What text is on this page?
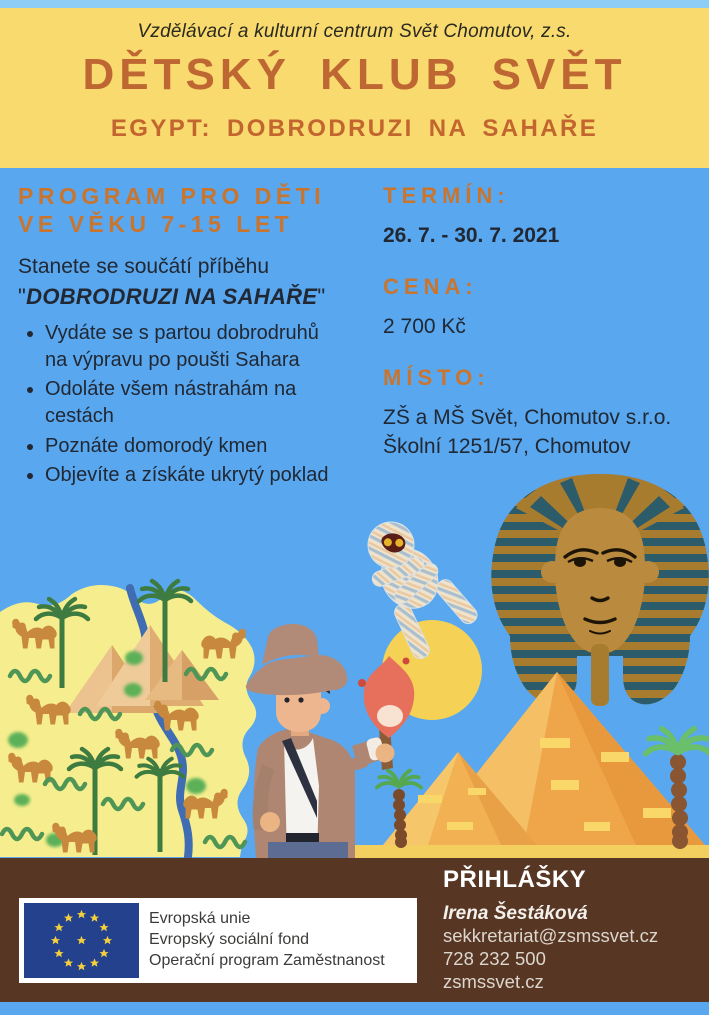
Vzdělávací a kulturní centrum Svět Chomutov, z.s.
DĚTSKÝ KLUB SVĚT
EGYPT: DOBRODRUZI NA SAHAŘE
PROGRAM PRO DĚTI
VE VĚKU 7-15 LET
Stanete se součátí příběhu
"DOBRODRUZI NA SAHAŘE"
• Vydáte se s partou dobrodruhů na výpravu po poušti Sahara
• Odoláte všem nástrahám na cestách
• Poznáte domorodý kmen
• Objevíte a získáte ukrytý poklad
TERMÍN:
26. 7. - 30. 7. 2021
CENA:
2 700 Kč
MÍSTO:
ZŠ a MŠ Svět, Chomutov s.r.o.
Školní 1251/57, Chomutov
PŘIHLÁŠKY
Irena Šestáková
sekkretariat@zsmssvet.cz
728 232 500
zsmssvet.cz
Evropská unie
Evropský sociální fond
Operační program Zaměstnanost
